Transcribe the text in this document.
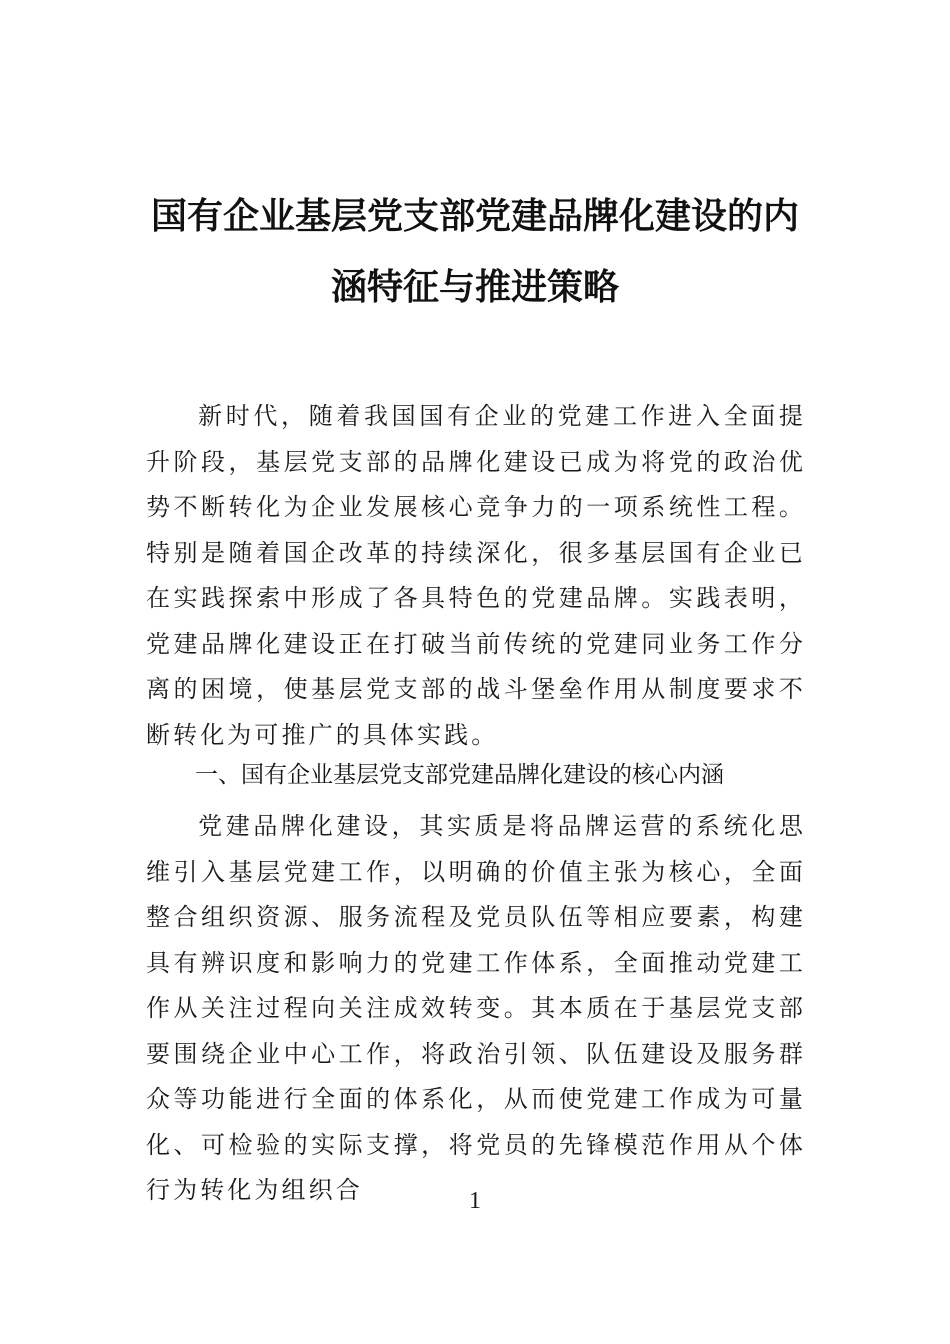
国有企业基层党支部党建品牌化建设的内
涵特征与推进策略

新时代，随着我国国有企业的党建工作进入全面提升阶段，基层党支部的品牌化建设已成为将党的政治优势不断转化为企业发展核心竞争力的一项系统性工程。特别是随着国企改革的持续深化，很多基层国有企业已在实践探索中形成了各具特色的党建品牌。实践表明，党建品牌化建设正在打破当前传统的党建同业务工作分离的困境，使基层党支部的战斗堡垒作用从制度要求不断转化为可推广的具体实践。

一、国有企业基层党支部党建品牌化建设的核心内涵

党建品牌化建设，其实质是将品牌运营的系统化思维引入基层党建工作，以明确的价值主张为核心，全面整合组织资源、服务流程及党员队伍等相应要素，构建具有辨识度和影响力的党建工作体系，全面推动党建工作从关注过程向关注成效转变。其本质在于基层党支部要围绕企业中心工作，将政治引领、队伍建设及服务群众等功能进行全面的体系化，从而使党建工作成为可量化、可检验的实际支撑，将党员的先锋模范作用从个体行为转化为组织合	1
